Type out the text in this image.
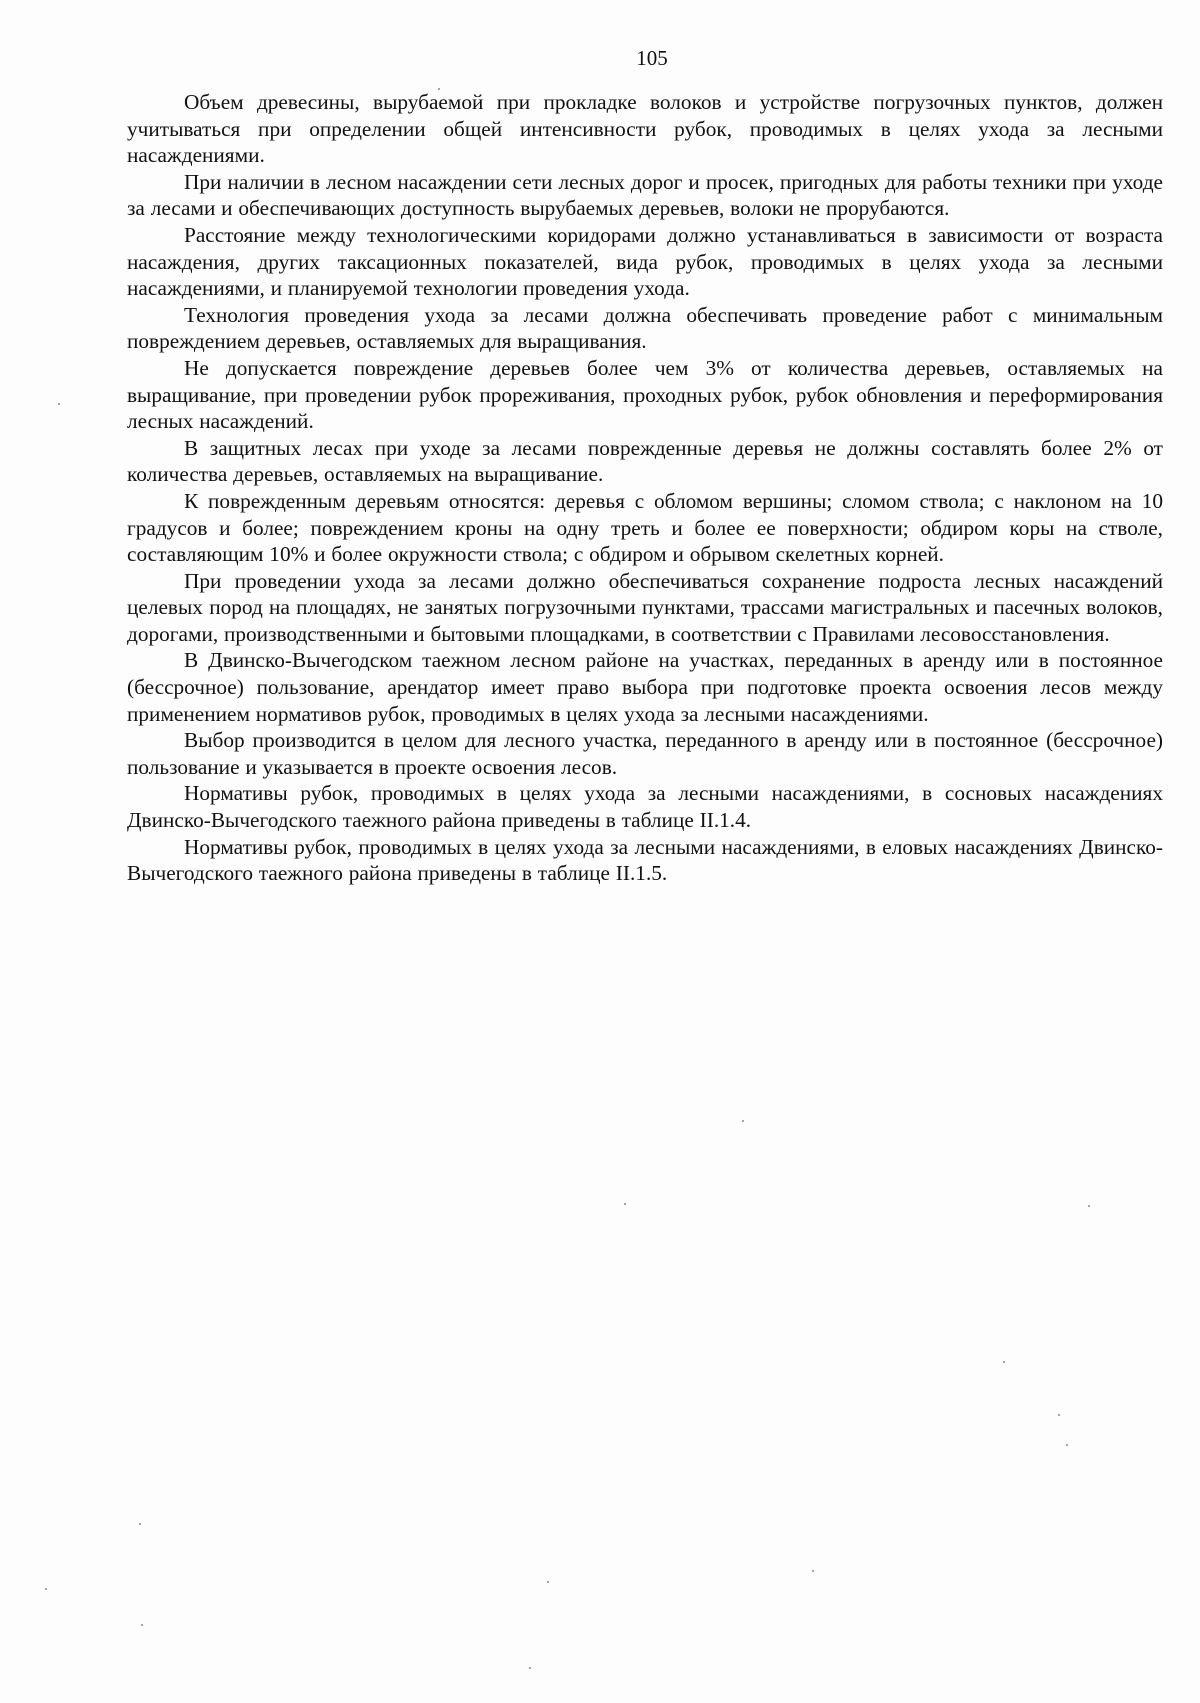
105

Объем древесины, вырубаемой при прокладке волоков и устройстве погрузочных пунктов, должен учитываться при определении общей интенсивности рубок, проводимых в целях ухода за лесными насаждениями.

При наличии в лесном насаждении сети лесных дорог и просек, пригодных для работы техники при уходе за лесами и обеспечивающих доступность вырубаемых деревьев, волоки не прорубаются.

Расстояние между технологическими коридорами должно устанавливаться в зависимости от возраста насаждения, других таксационных показателей, вида рубок, проводимых в целях ухода за лесными насаждениями, и планируемой технологии проведения ухода.

Технология проведения ухода за лесами должна обеспечивать проведение работ с минимальным повреждением деревьев, оставляемых для выращивания.

Не допускается повреждение деревьев более чем 3% от количества деревьев, оставляемых на выращивание, при проведении рубок прореживания, проходных рубок, рубок обновления и переформирования лесных насаждений.

В защитных лесах при уходе за лесами поврежденные деревья не должны составлять более 2% от количества деревьев, оставляемых на выращивание.

К поврежденным деревьям относятся: деревья с обломом вершины; сломом ствола; с наклоном на 10 градусов и более; повреждением кроны на одну треть и более ее поверхности; обдиром коры на стволе, составляющим 10% и более окружности ствола; с обдиром и обрывом скелетных корней.

При проведении ухода за лесами должно обеспечиваться сохранение подроста лесных насаждений целевых пород на площадях, не занятых погрузочными пунктами, трассами магистральных и пасечных волоков, дорогами, производственными и бытовыми площадками, в соответствии с Правилами лесовосстановления.

В Двинско-Вычегодском таежном лесном районе на участках, переданных в аренду или в постоянное (бессрочное) пользование, арендатор имеет право выбора при подготовке проекта освоения лесов между применением нормативов рубок, проводимых в целях ухода за лесными насаждениями.

Выбор производится в целом для лесного участка, переданного в аренду или в постоянное (бессрочное) пользование и указывается в проекте освоения лесов.

Нормативы рубок, проводимых в целях ухода за лесными насаждениями, в сосновых насаждениях Двинско-Вычегодского таежного района приведены в таблице II.1.4.

Нормативы рубок, проводимых в целях ухода за лесными насаждениями, в еловых насаждениях Двинско-Вычегодского таежного района приведены в таблице II.1.5.
